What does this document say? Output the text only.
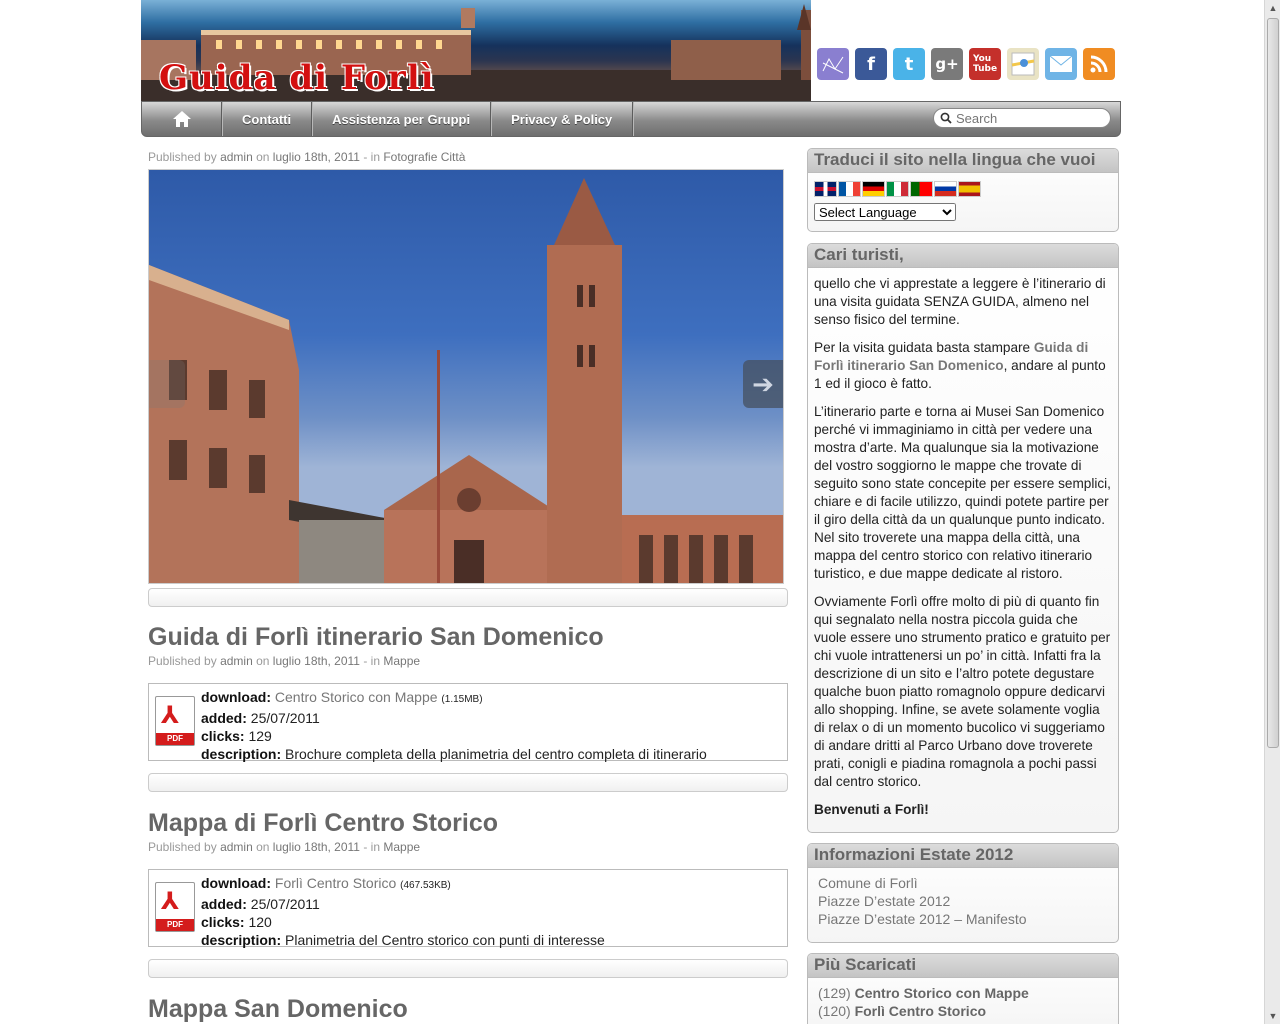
Guida di Forlì	f	t	g+	You
Tube
Contatti	Assistenza per Gruppi	Privacy & Policy
Search
Published by admin on luglio 18th, 2011 - in Fotografie Città
➔
Guida di Forlì itinerario San Domenico
Published by admin on luglio 18th, 2011 - in Mappe
⅄
PDF
download: Centro Storico con Mappe (1.15MB)
added: 25/07/2011
clicks: 129
description: Brochure completa della planimetria del centro completa di itinerario
Mappa di Forlì Centro Storico
Published by admin on luglio 18th, 2011 - in Mappe
⅄
PDF
download: Forlì Centro Storico (467.53KB)
added: 25/07/2011
clicks: 120
description: Planimetria del Centro storico con punti di interesse
Mappa San Domenico
Traduci il sito nella lingua che vuoi
Select Language
Cari turisti,

quello che vi apprestate a leggere è l’itinerario di una visita guidata SENZA GUIDA, almeno nel senso fisico del termine.

Per la visita guidata basta stampare Guida di Forlì itinerario San Domenico, andare al punto 1 ed il gioco è fatto.

L’itinerario parte e torna ai Musei San Domenico perché vi immaginiamo in città per vedere una mostra d’arte. Ma qualunque sia la motivazione del vostro soggiorno le mappe che trovate di seguito sono state concepite per essere semplici, chiare e di facile utilizzo, quindi potete partire per il giro della città da un qualunque punto indicato. Nel sito troverete una mappa della città, una mappa del centro storico con relativo itinerario turistico, e due mappe dedicate al ristoro.

Ovviamente Forlì offre molto di più di quanto fin qui segnalato nella nostra piccola guida che vuole essere uno strumento pratico e gratuito per chi vuole intrattenersi un po’ in città. Infatti fra la descrizione di un sito e l’altro potete degustare qualche buon piatto romagnolo oppure dedicarvi allo shopping. Infine, se avete solamente voglia di relax o di un momento bucolico vi suggeriamo di andare dritti al Parco Urbano dove troverete prati, conigli e piadina romagnola a pochi passi dal centro storico.

Benvenuti a Forlì!

Informazioni Estate 2012
Comune di Forlì
Piazze D’estate 2012
Piazze D’estate 2012 – Manifesto
Più Scaricati
(129) Centro Storico con Mappe
(120) Forlì Centro Storico
▲
▼
